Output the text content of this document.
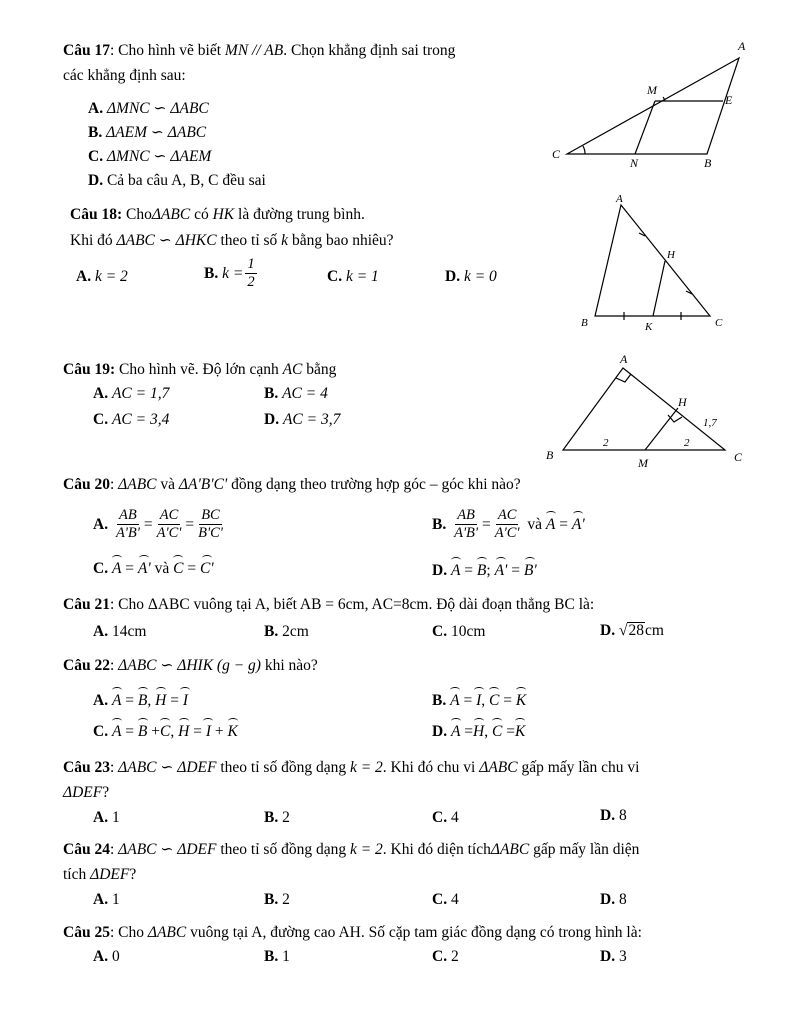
Câu 17: Cho hình vẽ biết MN // AB. Chọn khẳng định sai trong
các khẳng định sau:
A. ΔMNC ∽ ΔABC
B. ΔAEM ∽ ΔABC
C. ΔMNC ∽ ΔAEM
D. Cả ba câu A, B, C đều sai
A
M
E
C
N	B
Câu 18: ChoΔABC có HK là đường trung bình.
Khi đó ΔABC ∽ ΔHKC theo tỉ số k bằng bao nhiêu?
A. k = 2	B. $k = \frac{1}{2}$	C. k = 1	D. k = 0
A
H
B	K	C
Câu 19: Cho hình vẽ. Độ lớn cạnh AC bằng
A. AC = 1,7	B. AC = 4
C. AC = 3,4	D. AC = 3,7
A
H
B
M	C
2	2
1,7
Câu 20: ΔABC và ΔA'B'C' đồng dạng theo trường hợp góc – góc khi nào?
A. $\frac{AB}{A'B'} = \frac{AC}{A'C'} = \frac{BC}{B'C'}$	B. $\frac{AB}{A'B'} = \frac{AC}{A'C'}$ và A = A'
C. A = A' và C = C'	D. A = B; A' = B'
Câu 21: Cho ΔABC vuông tại A, biết AB = 6cm, AC=8cm. Độ dài đoạn thẳng BC là:
A. 14cm	B. 2cm	C. 10cm	D. √28cm
Câu 22: ΔABC ∽ ΔHIK (g − g) khi nào?
A. A = B, H = I	B. A = I, C = K
C. A = B +C, H = I + K	D. A =H, C =K
Câu 23: ΔABC ∽ ΔDEF theo tỉ số đồng dạng k = 2. Khi đó chu vi ΔABC gấp mấy lần chu vi
ΔDEF?
A. 1	B. 2	C. 4	D. 8
Câu 24: ΔABC ∽ ΔDEF theo tỉ số đồng dạng k = 2. Khi đó diện tíchΔABC gấp mấy lần diện
tích ΔDEF?
A. 1	B. 2	C. 4	D. 8
Câu 25: Cho ΔABC vuông tại A, đường cao AH. Số cặp tam giác đồng dạng có trong hình là:
A. 0	B. 1	C. 2	D. 3
